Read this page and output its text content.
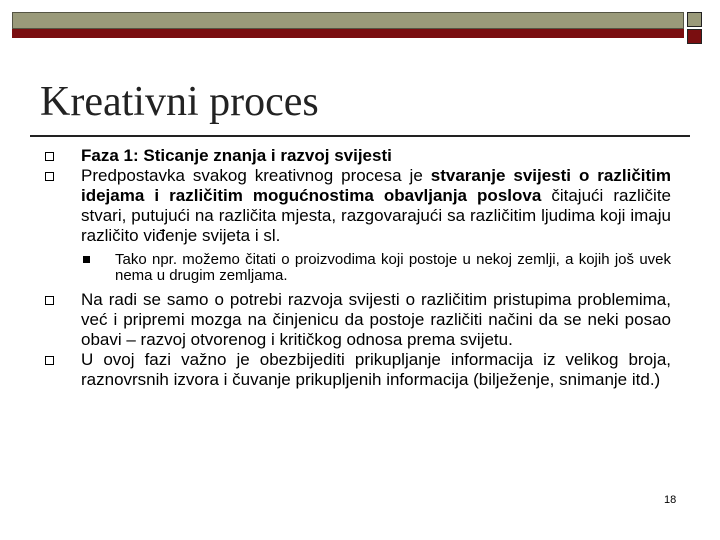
Kreativni proces
Faza 1: Sticanje znanja i razvoj svijesti
Predpostavka svakog kreativnog procesa je stvaranje svijesti o različitim idejama i različitim mogućnostima obavljanja poslova čitajući različite stvari, putujući na različita mjesta, razgovarajući sa različitim ljudima koji imaju različito viđenje svijeta i sl.
Tako npr. možemo čitati o proizvodima koji postoje u nekoj zemlji, a kojih još uvek nema u drugim zemljama.
Na radi se samo o potrebi razvoja svijesti o različitim pristupima problemima, već i pripremi mozga na činjenicu da postoje različiti načini da se neki posao obavi – razvoj otvorenog i kritičkog odnosa prema svijetu.
U ovoj fazi važno je obezbijediti prikupljanje informacija iz velikog broja, raznovrsnih izvora i čuvanje prikupljenih informacija (bilježenje, snimanje itd.)
18
